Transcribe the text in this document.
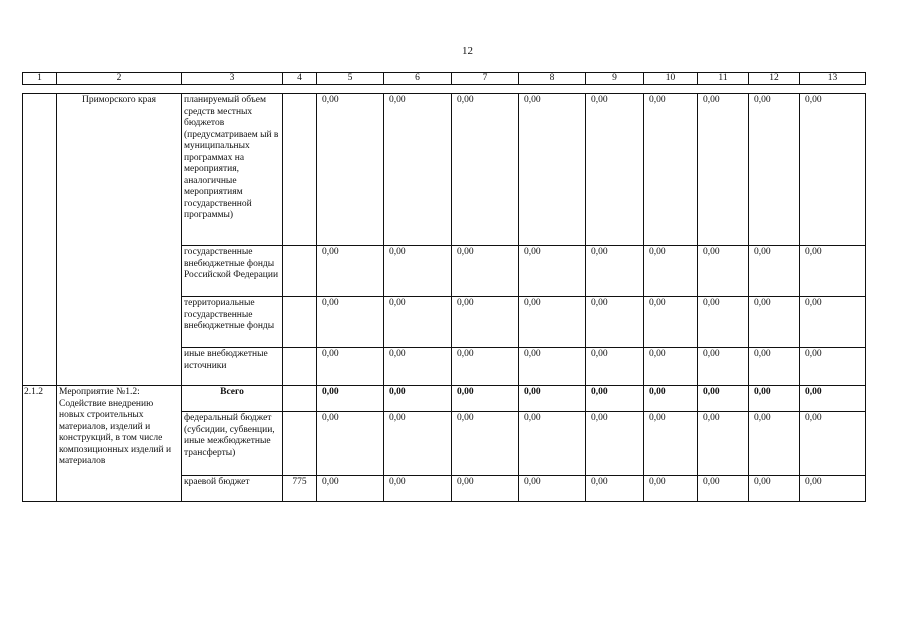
12
1	2	3	4	5	6	7	8	9	10	11	12	13
	Приморского края	планируемый объем средств местных бюджетов (предусматриваем ый в муниципальных программах на мероприятия, аналогичные мероприятиям государственной программы)		0,00	0,00	0,00	0,00	0,00	0,00	0,00	0,00	0,00
		государственные внебюджетные фонды Российской Федерации		0,00	0,00	0,00	0,00	0,00	0,00	0,00	0,00	0,00
		территориальные государственные внебюджетные фонды		0,00	0,00	0,00	0,00	0,00	0,00	0,00	0,00	0,00
		иные внебюджетные источники		0,00	0,00	0,00	0,00	0,00	0,00	0,00	0,00	0,00
2.1.2	Мероприятие №1.2: Содействие внедрению новых строительных материалов, изделий и конструкций, в том числе композиционных изделий и материалов	Всего		0,00	0,00	0,00	0,00	0,00	0,00	0,00	0,00	0,00
		федеральный бюджет (субсидии, субвенции, иные межбюджетные трансферты)		0,00	0,00	0,00	0,00	0,00	0,00	0,00	0,00	0,00
		краевой бюджет	775	0,00	0,00	0,00	0,00	0,00	0,00	0,00	0,00	0,00
